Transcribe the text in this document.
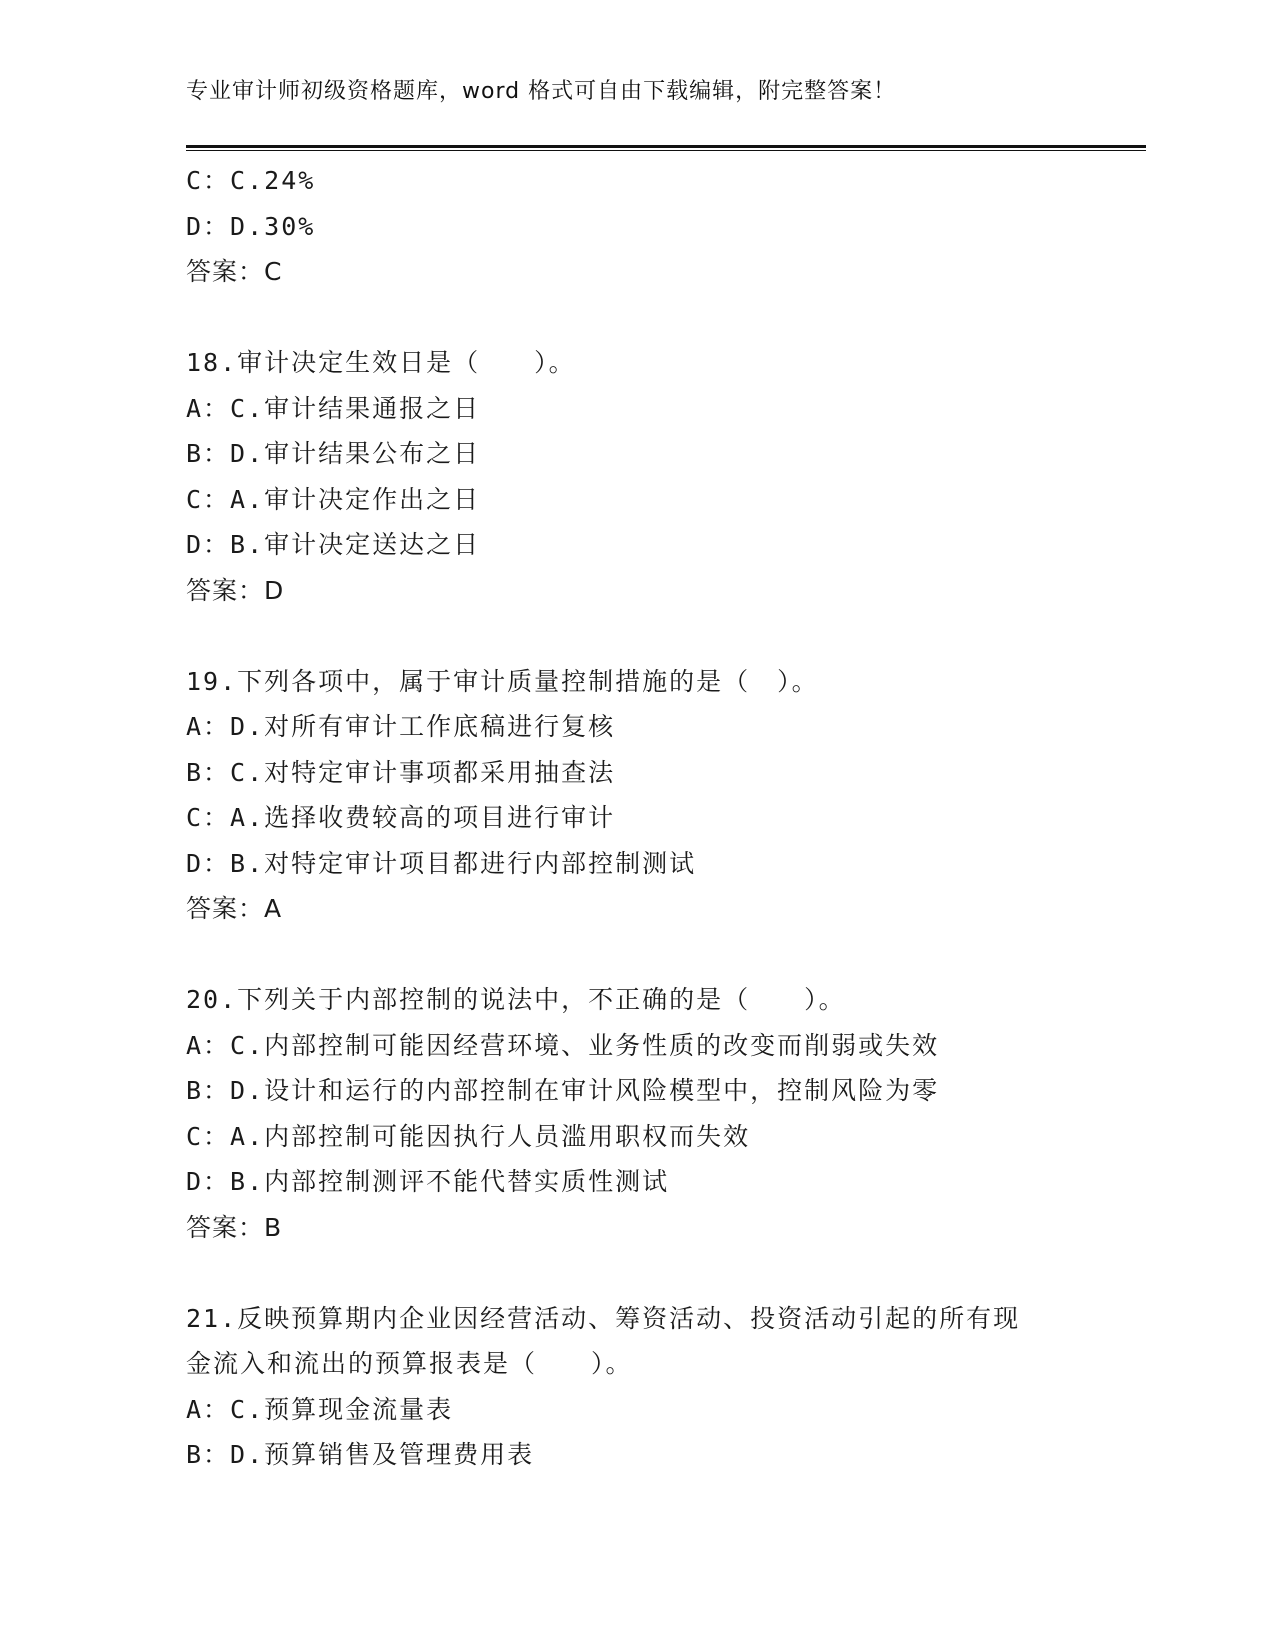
专业审计师初级资格题库，word 格式可自由下载编辑，附完整答案！
C：C.24%
D：D.30%
答案：C
18.审计决定生效日是（　　）。
A：C.审计结果通报之日
B：D.审计结果公布之日
C：A.审计决定作出之日
D：B.审计决定送达之日
答案：D
19.下列各项中，属于审计质量控制措施的是（　）。
A：D.对所有审计工作底稿进行复核
B：C.对特定审计事项都采用抽查法
C：A.选择收费较高的项目进行审计
D：B.对特定审计项目都进行内部控制测试
答案：A
20.下列关于内部控制的说法中，不正确的是（　　）。
A：C.内部控制可能因经营环境、业务性质的改变而削弱或失效
B：D.设计和运行的内部控制在审计风险模型中，控制风险为零
C：A.内部控制可能因执行人员滥用职权而失效
D：B.内部控制测评不能代替实质性测试
答案：B
21.反映预算期内企业因经营活动、筹资活动、投资活动引起的所有现
金流入和流出的预算报表是（　　）。
A：C.预算现金流量表
B：D.预算销售及管理费用表
